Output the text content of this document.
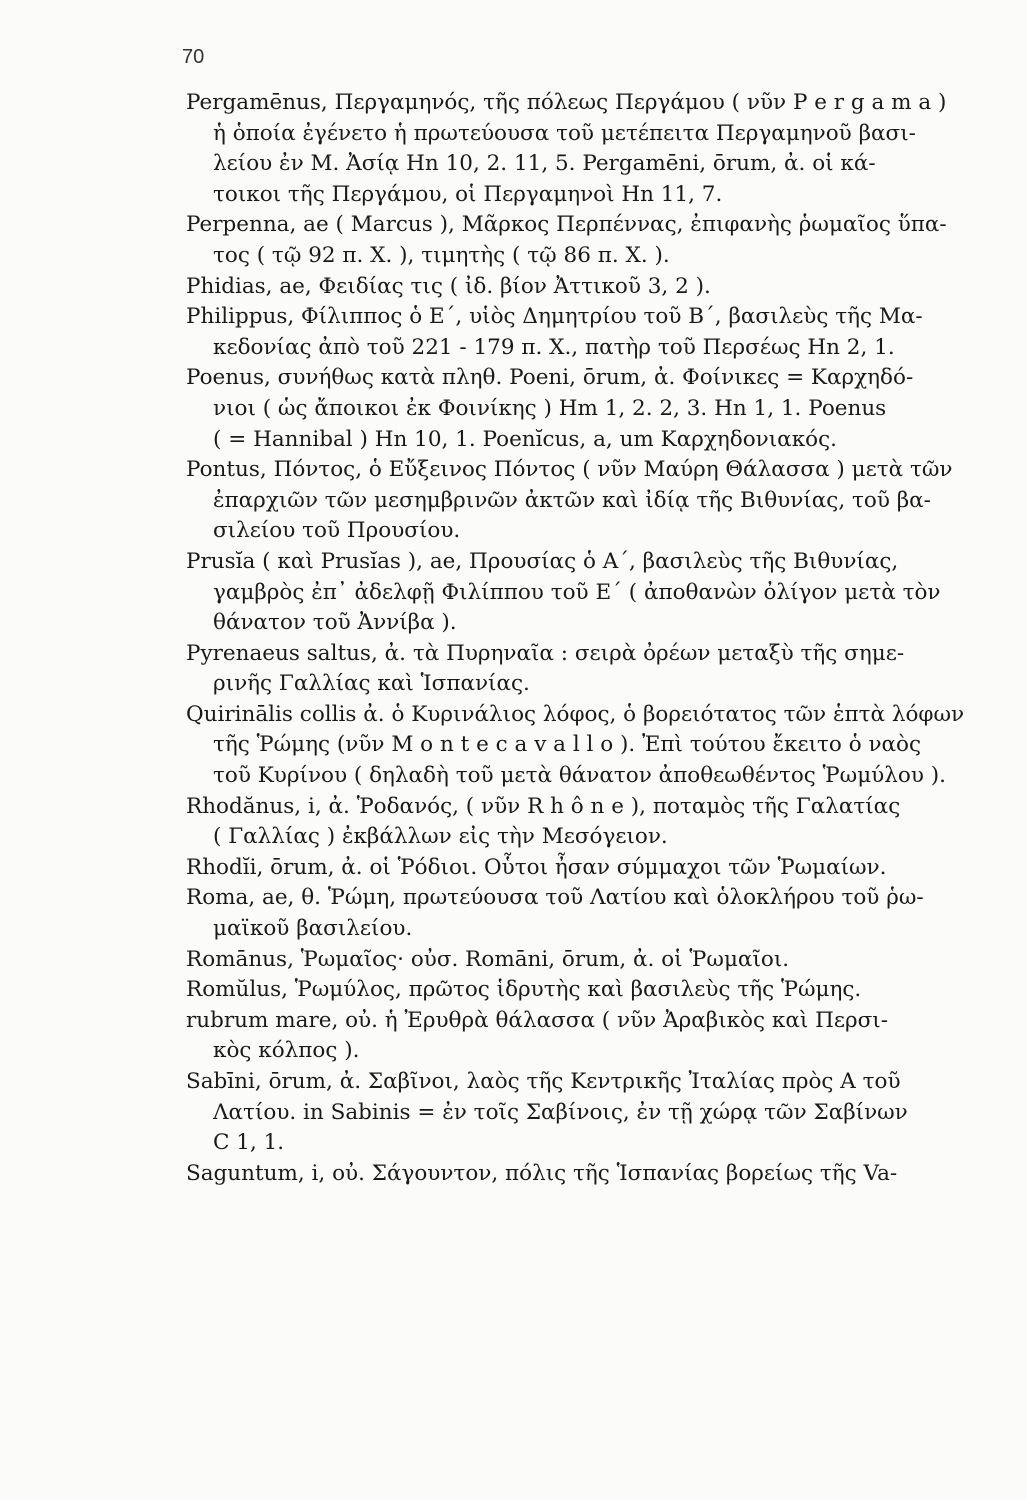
70

Pergamēnus, Περγαμηνός, τῆς πόλεως Περγάμου ( νῦν P e r g a m a )
ἡ ὁποία ἐγένετο ἡ πρωτεύουσα τοῦ μετέπειτα Περγαμηνοῦ βασι-
λείου ἐν Μ. Ἀσίᾳ Hn 10, 2. 11, 5. Pergamēni, ōrum, ἀ. οἱ κά-
τοικοι τῆς Περγάμου, οἱ Περγαμηνοὶ Hn 11, 7.

Perpenna, ae ( Marcus ), Μᾶρκος Περπέννας, ἐπιφανὴς ῥωμαῖος ὕπα-
τος ( τῷ 92 π. Χ. ), τιμητὴς ( τῷ 86 π. Χ. ).

Phidias, ae, Φειδίας τις ( ἰδ. βίον Ἀττικοῦ 3, 2 ).

Philippus, Φίλιππος ὁ Ε΄, υἱὸς Δημητρίου τοῦ Β΄, βασιλεὺς τῆς Μα-
κεδονίας ἀπὸ τοῦ 221 - 179 π. Χ., πατὴρ τοῦ Περσέως Hn 2, 1.

Poenus, συνήθως κατὰ πληθ. Poeni, ōrum, ἀ. Φοίνικες = Καρχηδό-
νιοι ( ὡς ἄποικοι ἐκ Φοινίκης ) Hm 1, 2. 2, 3. Hn 1, 1. Poenus
( = Hannibal ) Hn 10, 1. Poenĭcus, a, um Καρχηδονιακός.

Pontus, Πόντος, ὁ Εὔξεινος Πόντος ( νῦν Μαύρη Θάλασσα ) μετὰ τῶν
ἐπαρχιῶν τῶν μεσημβρινῶν ἀκτῶν καὶ ἰδίᾳ τῆς Βιθυνίας, τοῦ βα-
σιλείου τοῦ Προυσίου.

Prusĭa ( καὶ Prusĭas ), ae, Προυσίας ὁ Α΄, βασιλεὺς τῆς Βιθυνίας,
γαμβρὸς ἐπ᾽ ἀδελφῇ Φιλίππου τοῦ Ε΄ ( ἀποθανὼν ὀλίγον μετὰ τὸν
θάνατον τοῦ Ἀννίβα ).

Pyrenaeus saltus, ἀ. τὰ Πυρηναῖα : σειρὰ ὀρέων μεταξὺ τῆς σημε-
ρινῆς Γαλλίας καὶ Ἱσπανίας.

Quirinālis collis ἀ. ὁ Κυρινάλιος λόφος, ὁ βορειότατος τῶν ἑπτὰ λόφων
τῆς Ῥώμης (νῦν M o n t e c a v a l l o ). Ἐπὶ τούτου ἔκειτο ὁ ναὸς
τοῦ Κυρίνου ( δηλαδὴ τοῦ μετὰ θάνατον ἀποθεωθέντος Ῥωμύλου ).

Rhodănus, i, ἀ. Ῥοδανός, ( νῦν R h ô n e ), ποταμὸς τῆς Γαλατίας
( Γαλλίας ) ἐκβάλλων εἰς τὴν Μεσόγειον.

Rhodĭi, ōrum, ἀ. οἱ Ῥόδιοι. Οὗτοι ἦσαν σύμμαχοι τῶν Ῥωμαίων.

Roma, ae, θ. Ῥώμη, πρωτεύουσα τοῦ Λατίου καὶ ὁλοκλήρου τοῦ ῥω-
μαϊκοῦ βασιλείου.

Romānus, Ῥωμαῖος· οὐσ. Romāni, ōrum, ἀ. οἱ Ῥωμαῖοι.

Romŭlus, Ῥωμύλος, πρῶτος ἱδρυτὴς καὶ βασιλεὺς τῆς Ῥώμης.

rubrum mare, οὐ. ἡ Ἐρυθρὰ θάλασσα ( νῦν Ἀραβικὸς καὶ Περσι-
κὸς κόλπος ).

Sabīni, ōrum, ἀ. Σαβῖνοι, λαὸς τῆς Κεντρικῆς Ἰταλίας πρὸς Α τοῦ
Λατίου. in Sabinis = ἐν τοῖς Σαβίνοις, ἐν τῇ χώρᾳ τῶν Σαβίνων
C 1, 1.

Saguntum, i, οὐ. Σάγουντον, πόλις τῆς Ἱσπανίας βορείως τῆς Va-
